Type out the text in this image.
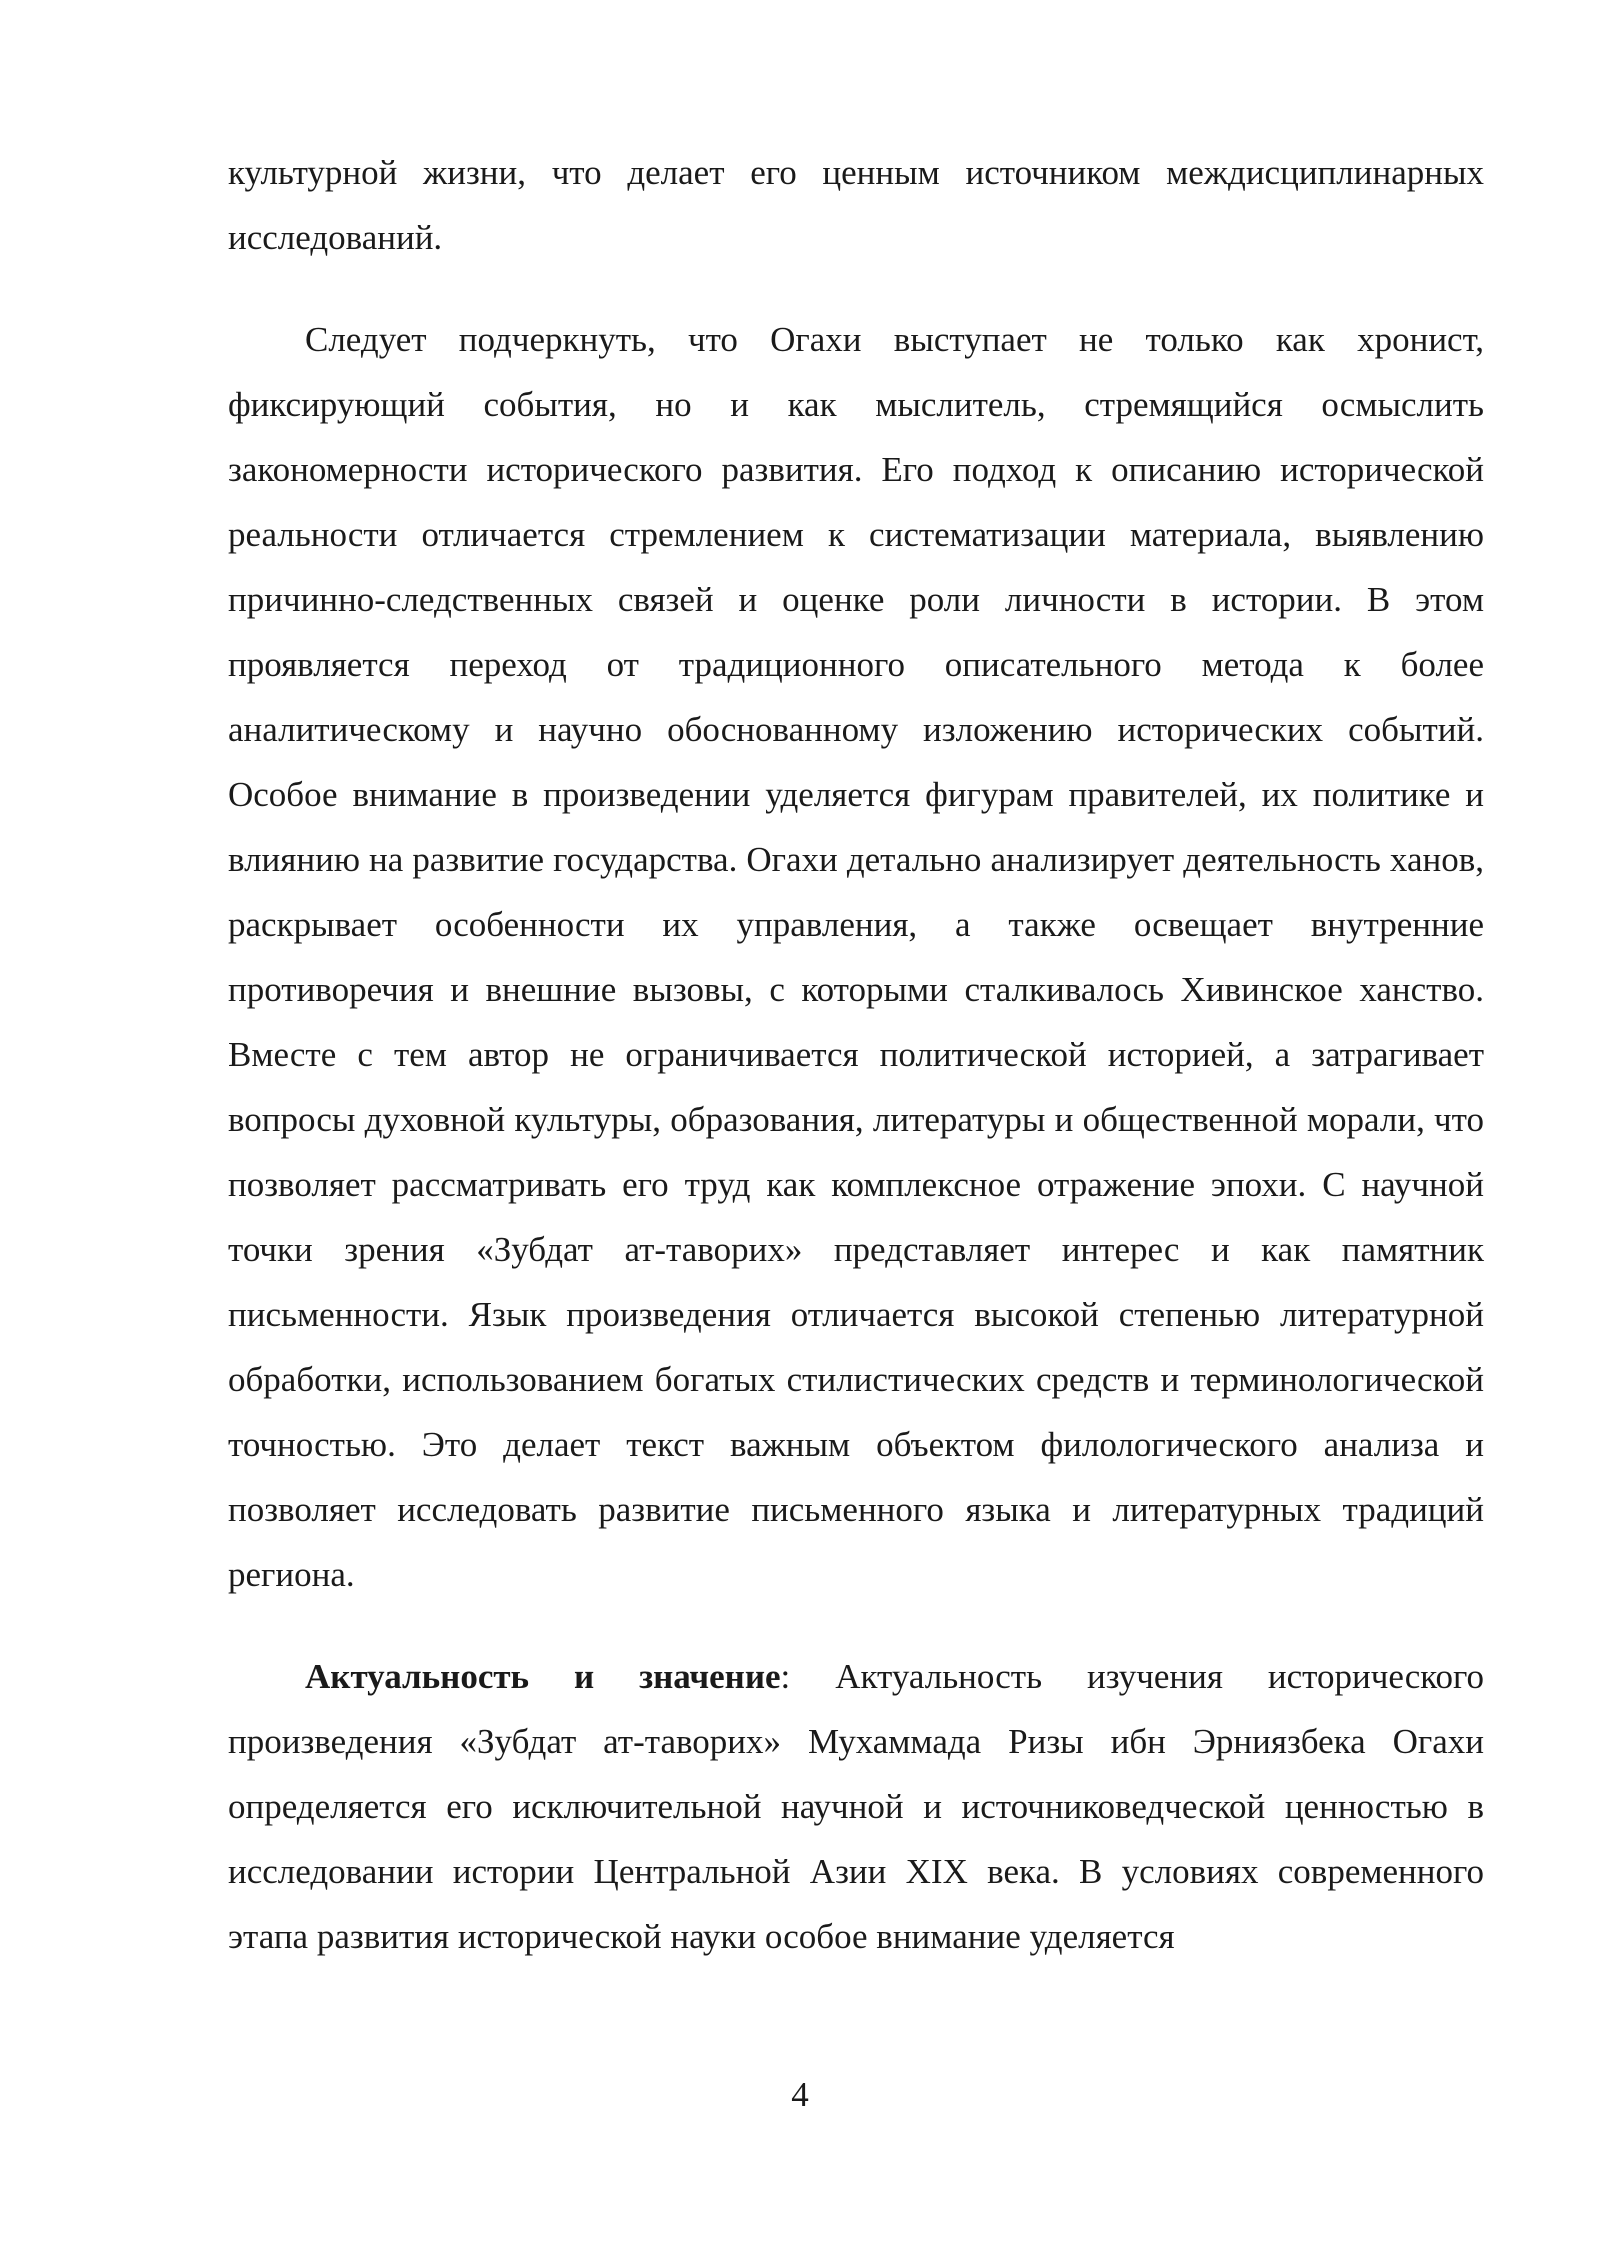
культурной жизни, что делает его ценным источником междисциплинарных исследований.

Следует подчеркнуть, что Огахи выступает не только как хронист, фиксирующий события, но и как мыслитель, стремящийся осмыслить закономерности исторического развития. Его подход к описанию исторической реальности отличается стремлением к систематизации материала, выявлению причинно-следственных связей и оценке роли личности в истории. В этом проявляется переход от традиционного описательного метода к более аналитическому и научно обоснованному изложению исторических событий. Особое внимание в произведении уделяется фигурам правителей, их политике и влиянию на развитие государства. Огахи детально анализирует деятельность ханов, раскрывает особенности их управления, а также освещает внутренние противоречия и внешние вызовы, с которыми сталкивалось Хивинское ханство. Вместе с тем автор не ограничивается политической историей, а затрагивает вопросы духовной культуры, образования, литературы и общественной морали, что позволяет рассматривать его труд как комплексное отражение эпохи. С научной точки зрения «Зубдат ат-таворих» представляет интерес и как памятник письменности. Язык произведения отличается высокой степенью литературной обработки, использованием богатых стилистических средств и терминологической точностью. Это делает текст важным объектом филологического анализа и позволяет исследовать развитие письменного языка и литературных традиций региона.

Актуальность и значение: Актуальность изучения исторического произведения «Зубдат ат-таворих» Мухаммада Ризы ибн Эрниязбека Огахи определяется его исключительной научной и источниковедческой ценностью в исследовании истории Центральной Азии XIX века. В условиях современного этапа развития исторической науки особое внимание уделяется

4
